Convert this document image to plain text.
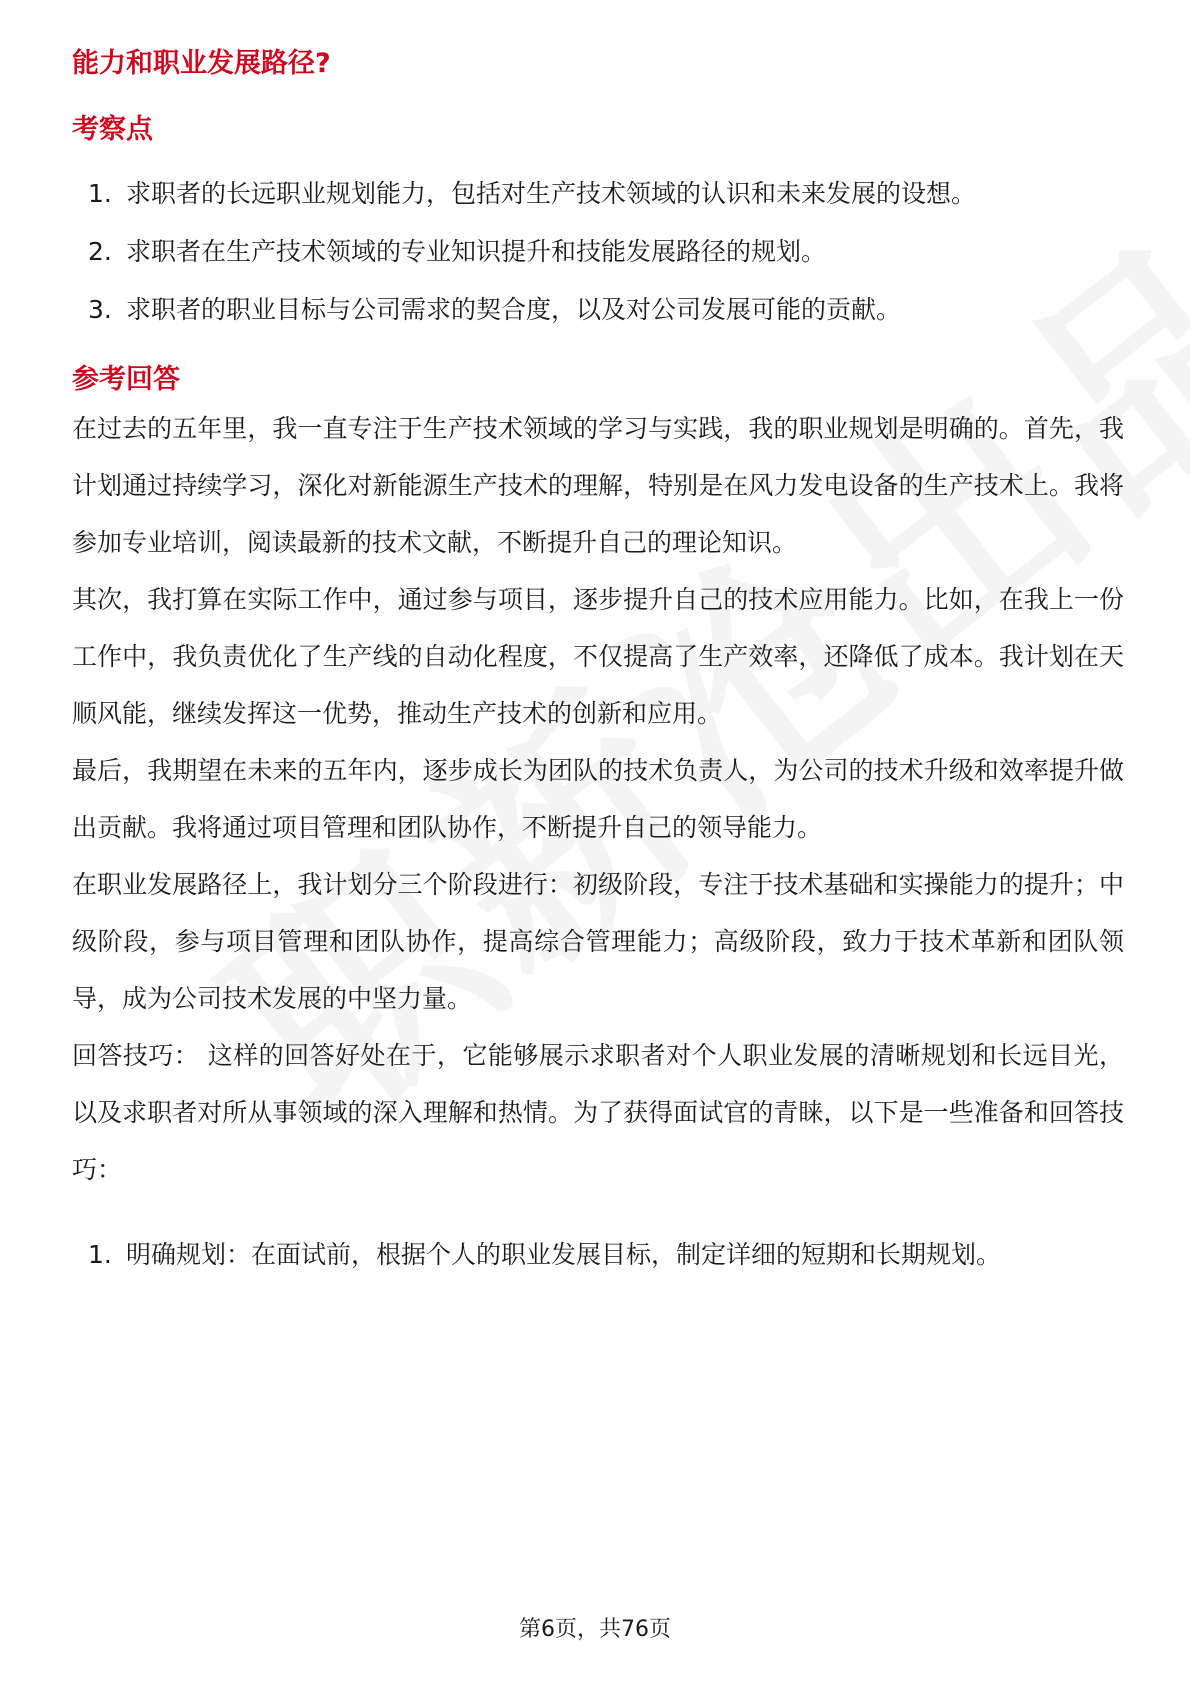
能力和职业发展路径?
考察点
1. 求职者的长远职业规划能力，包括对生产技术领域的认识和未来发展的设想。
2. 求职者在生产技术领域的专业知识提升和技能发展路径的规划。
3. 求职者的职业目标与公司需求的契合度，以及对公司发展可能的贡献。
参考回答

在过去的五年里，我一直专注于生产技术领域的学习与实践，我的职业规划是明确的。首先，我计划通过持续学习，深化对新能源生产技术的理解，特别是在风力发电设备的生产技术上。我将参加专业培训，阅读最新的技术文献，不断提升自己的理论知识。

其次，我打算在实际工作中，通过参与项目，逐步提升自己的技术应用能力。比如，在我上一份工作中，我负责优化了生产线的自动化程度，不仅提高了生产效率，还降低了成本。我计划在天顺风能，继续发挥这一优势，推动生产技术的创新和应用。

最后，我期望在未来的五年内，逐步成长为团队的技术负责人，为公司的技术升级和效率提升做出贡献。我将通过项目管理和团队协作，不断提升自己的领导能力。

在职业发展路径上，我计划分三个阶段进行：初级阶段，专注于技术基础和实操能力的提升；中级阶段，参与项目管理和团队协作，提高综合管理能力；高级阶段，致力于技术革新和团队领导，成为公司技术发展的中坚力量。

回答技巧： 这样的回答好处在于，它能够展示求职者对个人职业发展的清晰规划和长远目光，以及求职者对所从事领域的深入理解和热情。为了获得面试官的青睐，以下是一些准备和回答技巧：

1. 明确规划：在面试前，根据个人的职业发展目标，制定详细的短期和长期规划。
第6页，共76页
